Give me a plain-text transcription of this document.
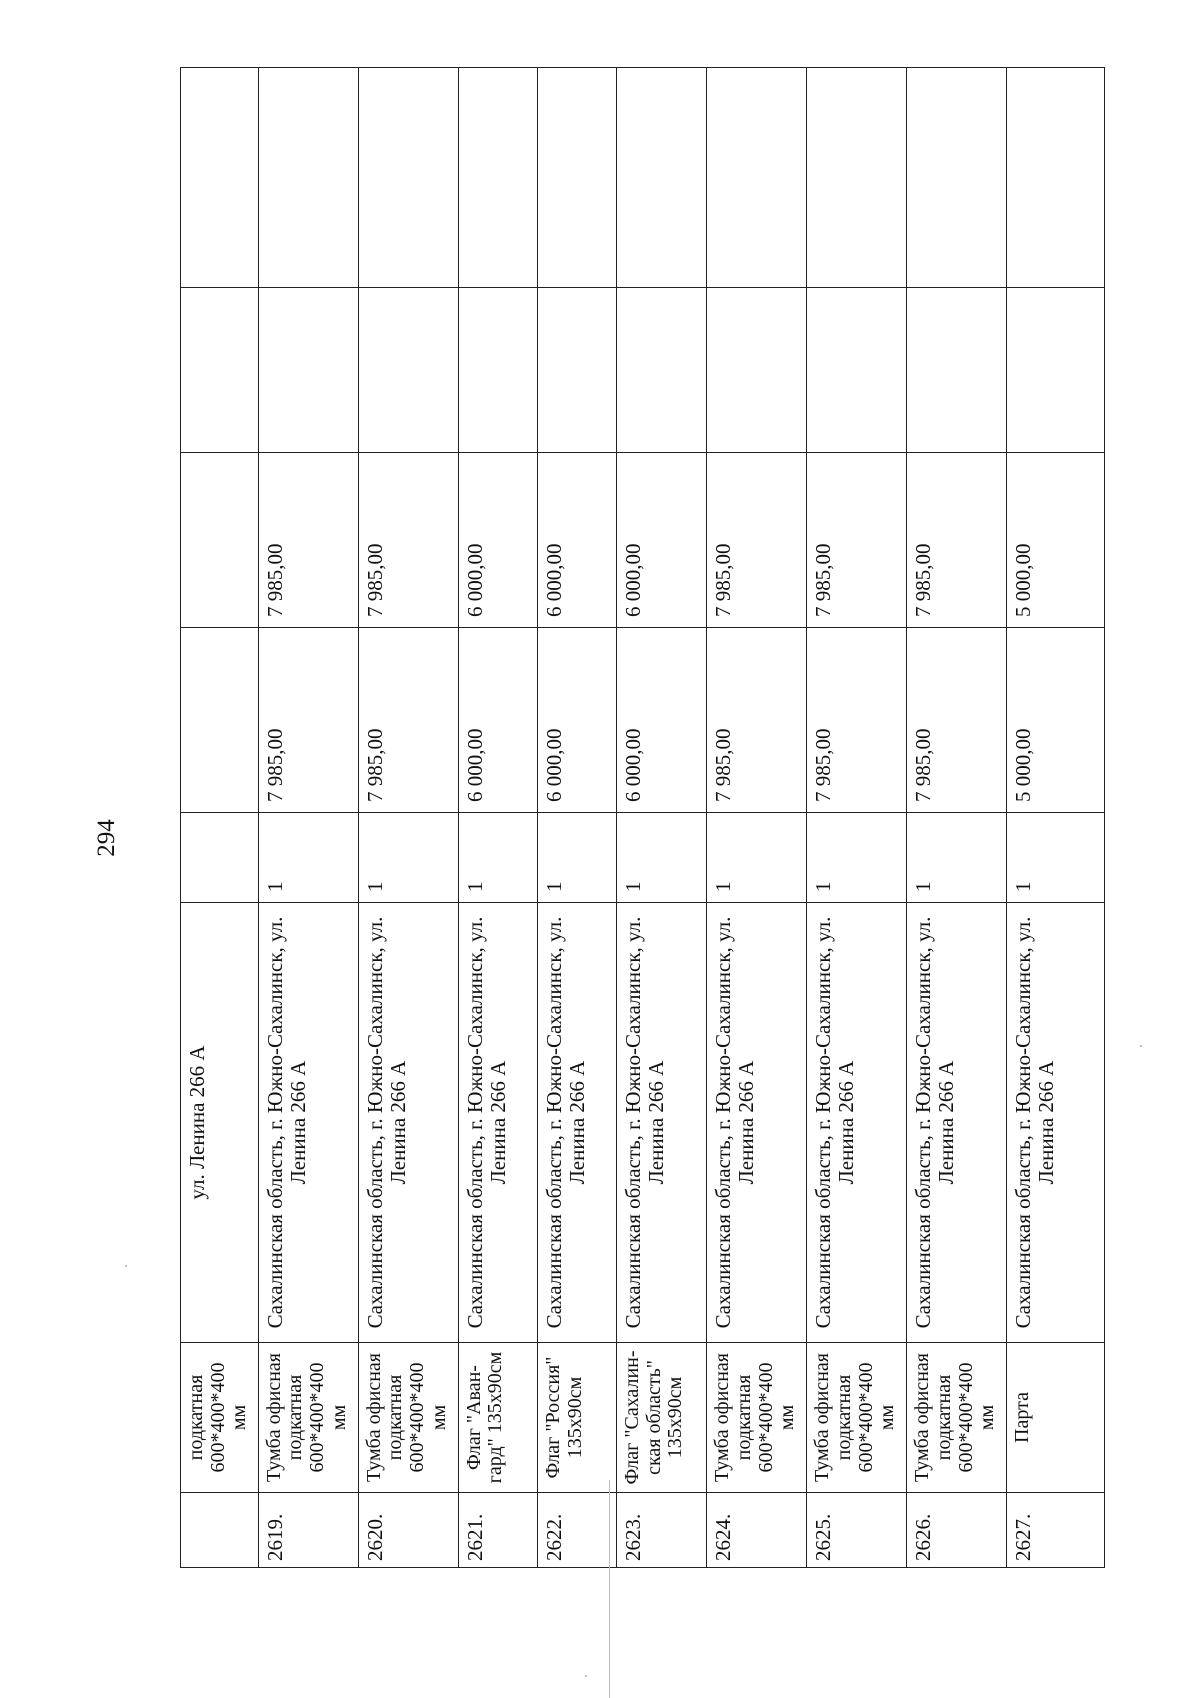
294
	подкатная 600*400*400 мм	ул. Ленина 266 А					
2619.	Тумба офисная подкатная 600*400*400 мм	Сахалинская область, г. Южно-Сахалинск, ул. Ленина 266 А	1	7 985,00	7 985,00		
2620.	Тумба офисная подкатная 600*400*400 мм	Сахалинская область, г. Южно-Сахалинск, ул. Ленина 266 А	1	7 985,00	7 985,00		
2621.	Флаг "Аван-гард" 135x90см	Сахалинская область, г. Южно-Сахалинск, ул. Ленина 266 А	1	6 000,00	6 000,00		
2622.	Флаг "Россия" 135x90см	Сахалинская область, г. Южно-Сахалинск, ул. Ленина 266 А	1	6 000,00	6 000,00		
2623.	Флаг "Сахалин-ская область" 135x90см	Сахалинская область, г. Южно-Сахалинск, ул. Ленина 266 А	1	6 000,00	6 000,00		
2624.	Тумба офисная подкатная 600*400*400 мм	Сахалинская область, г. Южно-Сахалинск, ул. Ленина 266 А	1	7 985,00	7 985,00		
2625.	Тумба офисная подкатная 600*400*400 мм	Сахалинская область, г. Южно-Сахалинск, ул. Ленина 266 А	1	7 985,00	7 985,00		
2626.	Тумба офисная подкатная 600*400*400 мм	Сахалинская область, г. Южно-Сахалинск, ул. Ленина 266 А	1	7 985,00	7 985,00		
2627.	Парта	Сахалинская область, г. Южно-Сахалинск, ул. Ленина 266 А	1	5 000,00	5 000,00		
